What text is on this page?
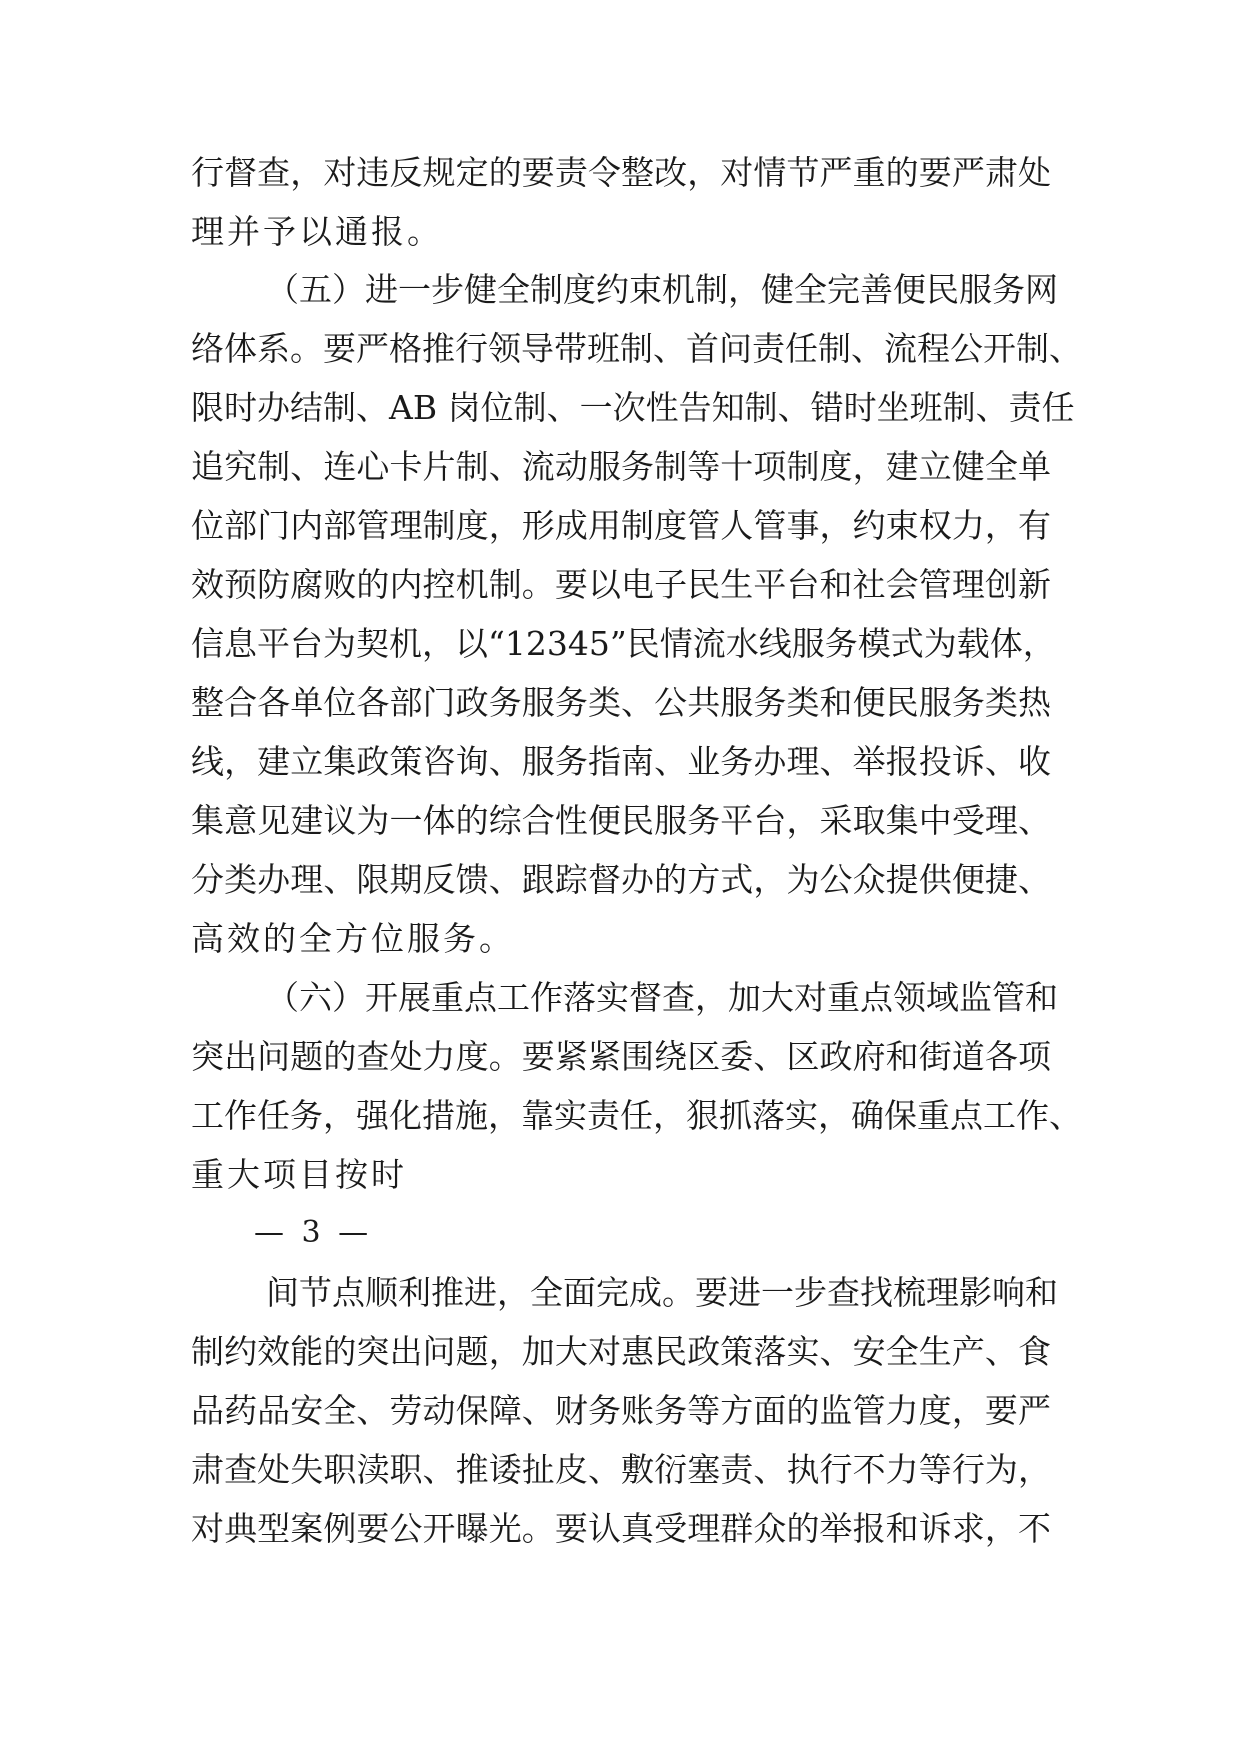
行督查，对违反规定的要责令整改，对情节严重的要严肃处
理并予以通报。
（五）进一步健全制度约束机制，健全完善便民服务网
络体系。要严格推行领导带班制、首问责任制、流程公开制、
限时办结制、AB 岗位制、一次性告知制、错时坐班制、责任
追究制、连心卡片制、流动服务制等十项制度，建立健全单
位部门内部管理制度，形成用制度管人管事，约束权力，有
效预防腐败的内控机制。要以电子民生平台和社会管理创新
信息平台为契机，以“12345”民情流水线服务模式为载体，
整合各单位各部门政务服务类、公共服务类和便民服务类热
线，建立集政策咨询、服务指南、业务办理、举报投诉、收
集意见建议为一体的综合性便民服务平台，采取集中受理、
分类办理、限期反馈、跟踪督办的方式，为公众提供便捷、
高效的全方位服务。
（六）开展重点工作落实督查，加大对重点领域监管和
突出问题的查处力度。要紧紧围绕区委、区政府和街道各项
工作任务，强化措施，靠实责任，狠抓落实，确保重点工作、
重大项目按时
— 3 —
间节点顺利推进，全面完成。要进一步查找梳理影响和
制约效能的突出问题，加大对惠民政策落实、安全生产、食
品药品安全、劳动保障、财务账务等方面的监管力度，要严
肃查处失职渎职、推诿扯皮、敷衍塞责、执行不力等行为，
对典型案例要公开曝光。要认真受理群众的举报和诉求，不
